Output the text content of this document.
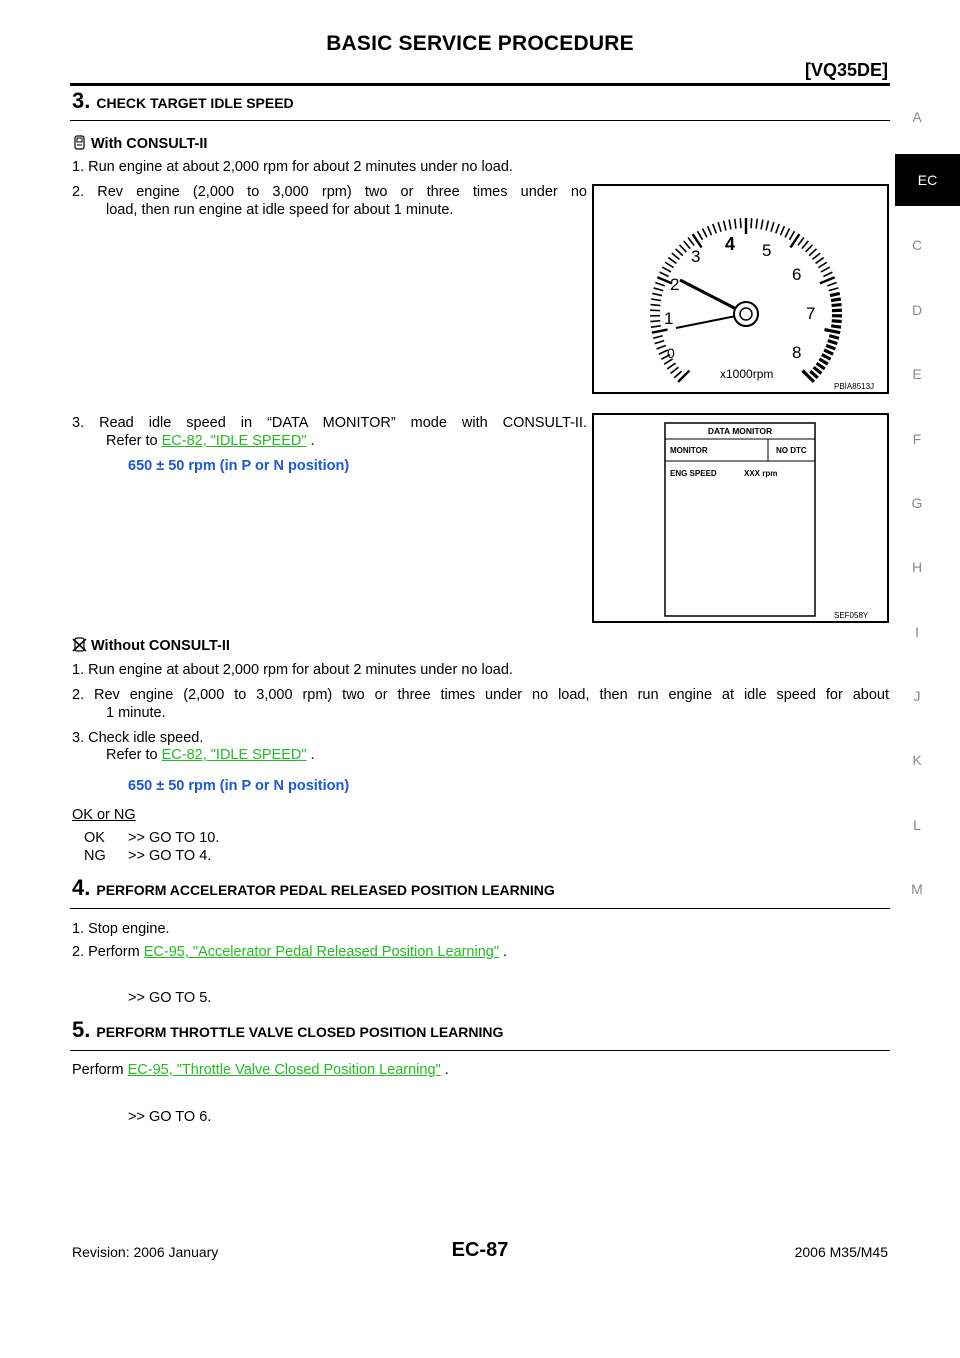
BASIC SERVICE PROCEDURE
[VQ35DE]
A
EC
C
D
E
F
G
H
I
J
K
L
M
3. CHECK TARGET IDLE SPEED
With CONSULT-II
1. Run engine at about 2,000 rpm for about 2 minutes under no load.
2. Rev engine (2,000 to 3,000 rpm) two or three times under no
load, then run engine at idle speed for about 1 minute.
0
1
2
3
4 5
6
7
8
x1000rpm
PBIA8513J
3. Read idle speed in “DATA MONITOR” mode with CONSULT-II.
Refer to EC-82, "IDLE SPEED" .
650 ± 50 rpm (in P or N position)
DATA MONITOR
MONITOR	NO DTC
ENG SPEED	XXX rpm
SEF058Y
Without CONSULT-II
1. Run engine at about 2,000 rpm for about 2 minutes under no load.
2. Rev engine (2,000 to 3,000 rpm) two or three times under no load, then run engine at idle speed for about
1 minute.
3. Check idle speed.
Refer to EC-82, "IDLE SPEED" .
650 ± 50 rpm (in P or N position)
OK or NG
OK >> GO TO 10.
NG >> GO TO 4.
4. PERFORM ACCELERATOR PEDAL RELEASED POSITION LEARNING
1. Stop engine.
2. Perform EC-95, "Accelerator Pedal Released Position Learning" .
>> GO TO 5.
5. PERFORM THROTTLE VALVE CLOSED POSITION LEARNING
Perform EC-95, "Throttle Valve Closed Position Learning" .
>> GO TO 6.
Revision: 2006 January	EC-87	2006 M35/M45
